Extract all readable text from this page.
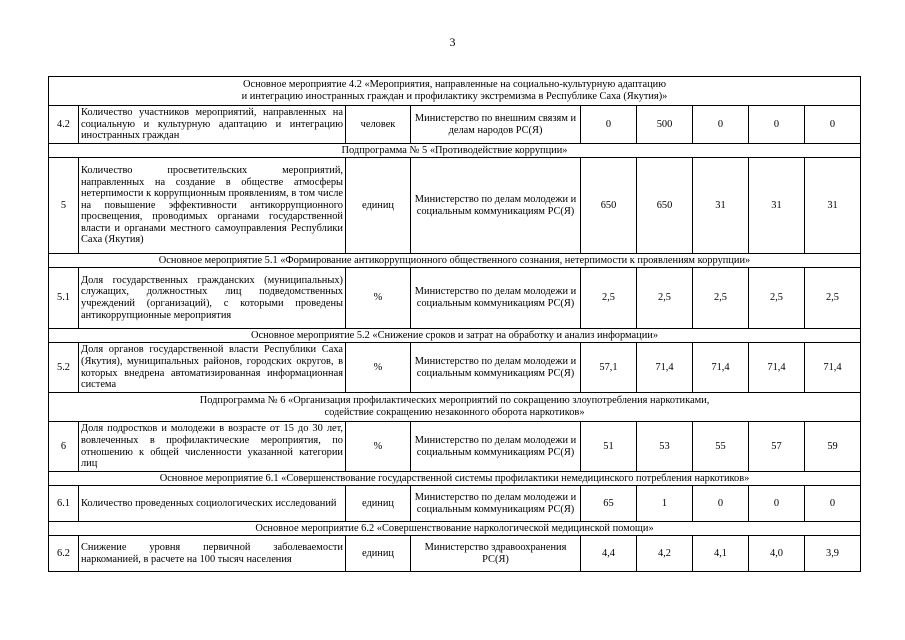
3
Основное мероприятие 4.2 «Мероприятия, направленные на социально-культурную адаптацию
и интеграцию иностранных граждан и профилактику экстремизма в Республике Саха (Якутия)»								

4.2	Количество участников мероприятий, направленных на социальную и культурную адаптацию и интеграцию иностранных граждан	человек	Министерство по внешним связям и делам народов РС(Я)	0	500	0	0	0

Подпрограмма № 5 «Противодействие коррупции»								

5	Количество просветительских мероприятий, направленных на создание в обществе атмосферы нетерпимости к коррупционным проявлениям, в том числе на повышение эффективности антикоррупционного просвещения, проводимых органами государственной власти и органами местного самоуправления Республики Саха (Якутия)	единиц	Министерство по делам молодежи и социальным коммуникациям РС(Я)	650	650	31	31	31

Основное мероприятие 5.1 «Формирование антикоррупционного общественного сознания, нетерпимости к проявлениям коррупции»								

5.1	Доля государственных гражданских (муниципальных) служащих, должностных лиц подведомственных учреждений (организаций), с которыми проведены антикоррупционные мероприятия	%	Министерство по делам молодежи и социальным коммуникациям РС(Я)	2,5	2,5	2,5	2,5	2,5

Основное мероприятие 5.2 «Снижение сроков и затрат на обработку и анализ информации»								

5.2	Доля органов государственной власти Республики Саха (Якутия), муниципальных районов, городских округов, в которых внедрена автоматизированная информационная система	%	Министерство по делам молодежи и социальным коммуникациям РС(Я)	57,1	71,4	71,4	71,4	71,4

Подпрограмма № 6 «Организация профилактических мероприятий по сокращению злоупотребления наркотиками,
содействие сокращению незаконного оборота наркотиков»								

6	Доля подростков и молодежи в возрасте от 15 до 30 лет, вовлеченных в профилактические мероприятия, по отношению к общей численности указанной категории лиц	%	Министерство по делам молодежи и социальным коммуникациям РС(Я)	51	53	55	57	59

Основное мероприятие 6.1 «Совершенствование государственной системы профилактики немедицинского потребления наркотиков»								

6.1	Количество проведенных социологических исследований	единиц	Министерство по делам молодежи и социальным коммуникациям РС(Я)	65	1	0	0	0

Основное мероприятие 6.2 «Совершенствование наркологической медицинской помощи»								

6.2	Снижение уровня первичной заболеваемости наркоманией, в расчете на 100 тысяч населения	единиц	Министерство здравоохранения РС(Я)	4,4	4,2	4,1	4,0	3,9
